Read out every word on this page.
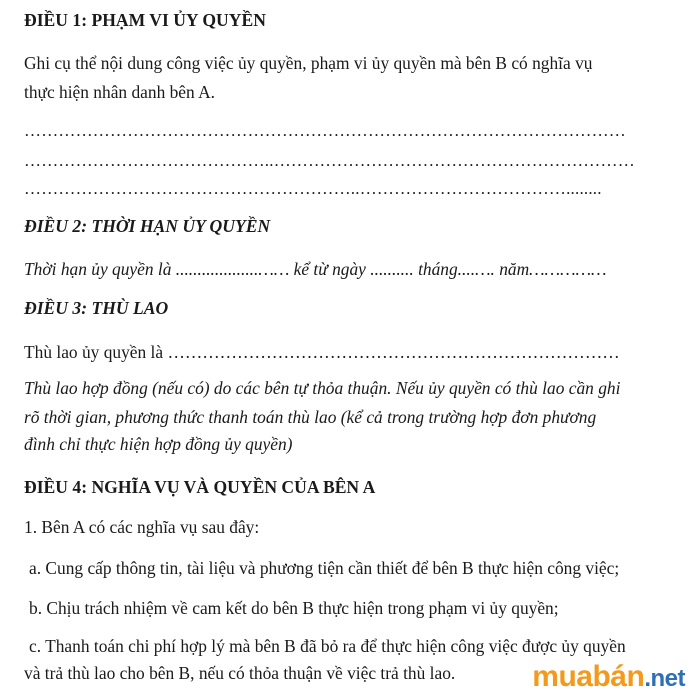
ĐIỀU 1: PHẠM VI ỦY QUYỀN
Ghi cụ thể nội dung công việc ủy quyền, phạm vi ủy quyền mà bên B có nghĩa vụ
thực hiện nhân danh bên A.
……………………………………………………………………………………………
……………………………………..………………………………………………………
…………………………………………………..………………………………........
ĐIỀU 2: THỜI HẠN ỦY QUYỀN
Thời hạn ủy quyền là ...................…… kể từ ngày .......... tháng....…. năm……………
ĐIỀU 3: THÙ LAO
Thù lao ủy quyền là ……………………………………………………………………
Thù lao hợp đồng (nếu có) do các bên tự thỏa thuận. Nếu ủy quyền có thù lao cần ghi
rõ thời gian, phương thức thanh toán thù lao (kể cả trong trường hợp đơn phương
đình chỉ thực hiện hợp đồng ủy quyền)
ĐIỀU 4: NGHĨA VỤ VÀ QUYỀN CỦA BÊN A
1. Bên A có các nghĩa vụ sau đây:
a. Cung cấp thông tin, tài liệu và phương tiện cần thiết để bên B thực hiện công việc;
b. Chịu trách nhiệm về cam kết do bên B thực hiện trong phạm vi ủy quyền;
c. Thanh toán chi phí hợp lý mà bên B đã bỏ ra để thực hiện công việc được ủy quyền
và trả thù lao cho bên B, nếu có thỏa thuận về việc trả thù lao.	muabán.net
